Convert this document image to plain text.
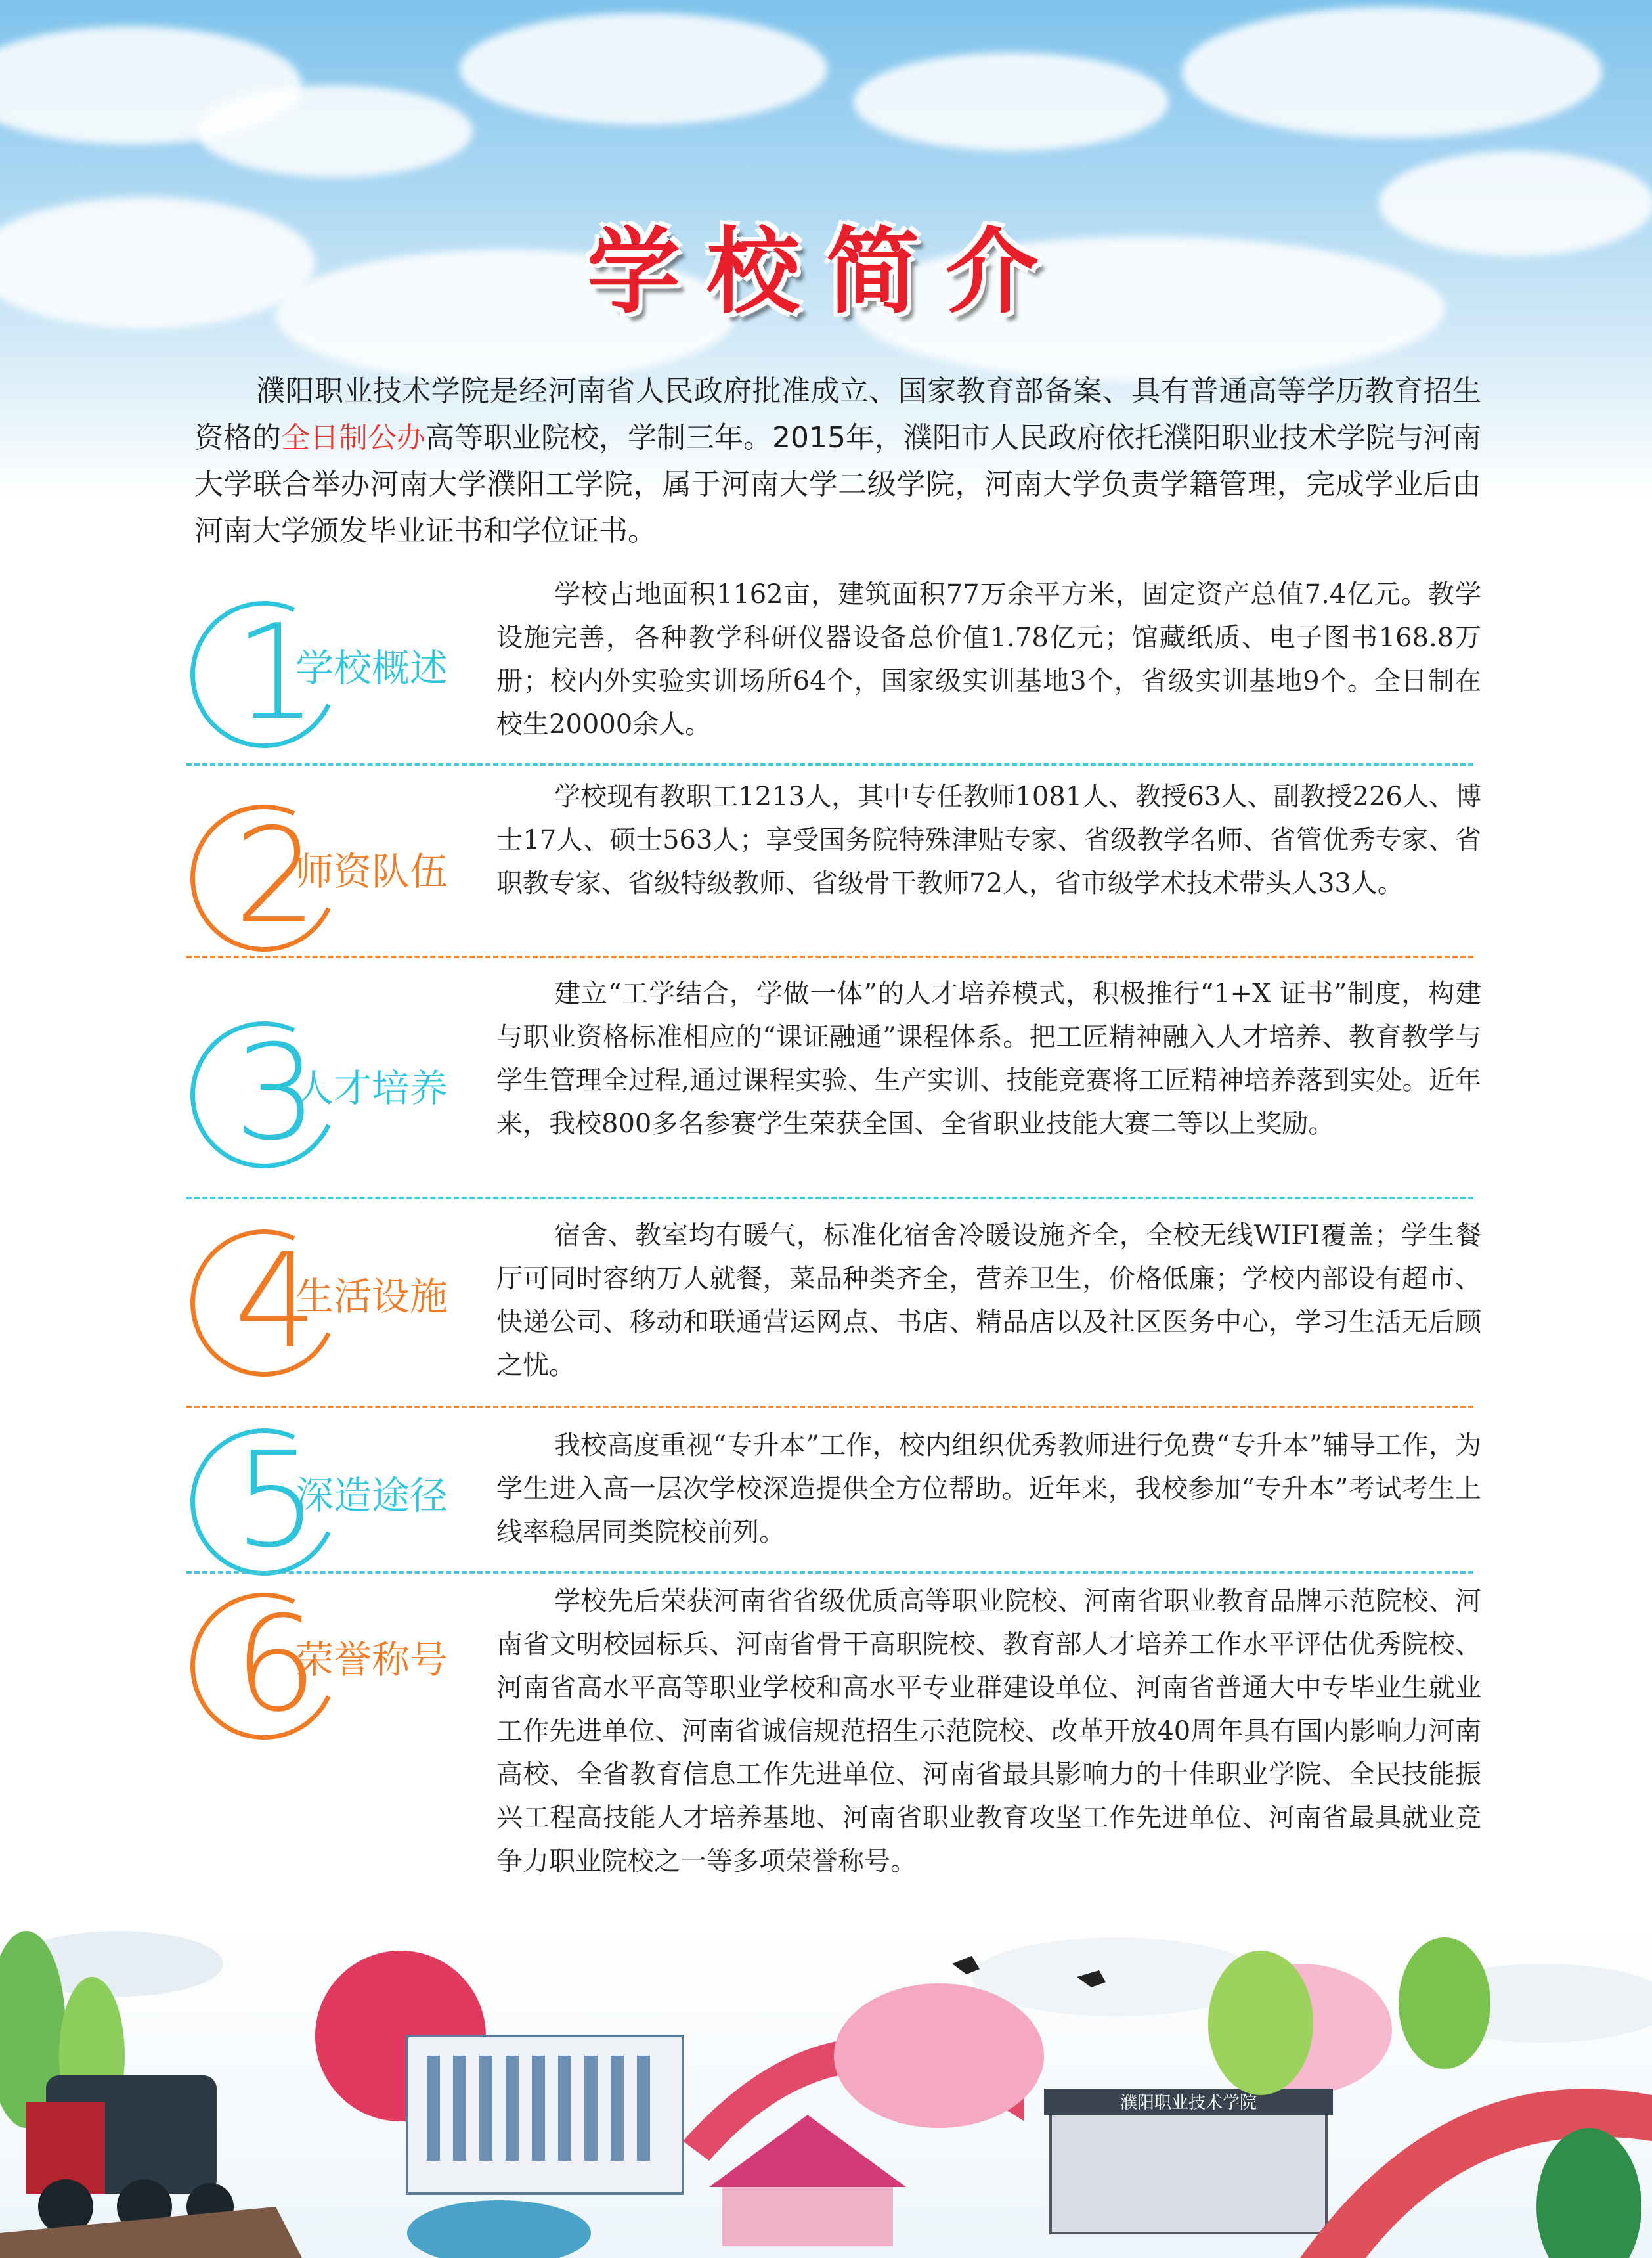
学校简介
濮阳职业技术学院是经河南省人民政府批准成立、国家教育部备案、具有普通高等学历教育招生资格的全日制公办高等职业院校，学制三年。2015年，濮阳市人民政府依托濮阳职业技术学院与河南大学联合举办河南大学濮阳工学院，属于河南大学二级学院，河南大学负责学籍管理，完成学业后由河南大学颁发毕业证书和学位证书。
1
学校概述
学校占地面积1162亩，建筑面积77万余平方米，固定资产总值7.4亿元。教学设施完善，各种教学科研仪器设备总价值1.78亿元；馆藏纸质、电子图书168.8万册；校内外实验实训场所64个，国家级实训基地3个，省级实训基地9个。全日制在校生20000余人。
2
师资队伍
学校现有教职工1213人，其中专任教师1081人、教授63人、副教授226人、博士17人、硕士563人；享受国务院特殊津贴专家、省级教学名师、省管优秀专家、省职教专家、省级特级教师、省级骨干教师72人，省市级学术技术带头人33人。
3
人才培养
建立“工学结合，学做一体”的人才培养模式，积极推行“1+X 证书”制度，构建与职业资格标准相应的“课证融通”课程体系。把工匠精神融入人才培养、教育教学与学生管理全过程,通过课程实验、生产实训、技能竞赛将工匠精神培养落到实处。近年来，我校800多名参赛学生荣获全国、全省职业技能大赛二等以上奖励。
4
生活设施
宿舍、教室均有暖气，标准化宿舍冷暖设施齐全，全校无线WIFI覆盖；学生餐厅可同时容纳万人就餐，菜品种类齐全，营养卫生，价格低廉；学校内部设有超市、快递公司、移动和联通营运网点、书店、精品店以及社区医务中心，学习生活无后顾之忧。
5
深造途径
我校高度重视“专升本”工作，校内组织优秀教师进行免费“专升本”辅导工作，为学生进入高一层次学校深造提供全方位帮助。近年来，我校参加“专升本”考试考生上线率稳居同类院校前列。
6
荣誉称号
学校先后荣获河南省省级优质高等职业院校、河南省职业教育品牌示范院校、河南省文明校园标兵、河南省骨干高职院校、教育部人才培养工作水平评估优秀院校、河南省高水平高等职业学校和高水平专业群建设单位、河南省普通大中专毕业生就业工作先进单位、河南省诚信规范招生示范院校、改革开放40周年具有国内影响力河南高校、全省教育信息工作先进单位、河南省最具影响力的十佳职业学院、全民技能振兴工程高技能人才培养基地、河南省职业教育攻坚工作先进单位、河南省最具就业竞争力职业院校之一等多项荣誉称号。
濮阳职业技术学院
